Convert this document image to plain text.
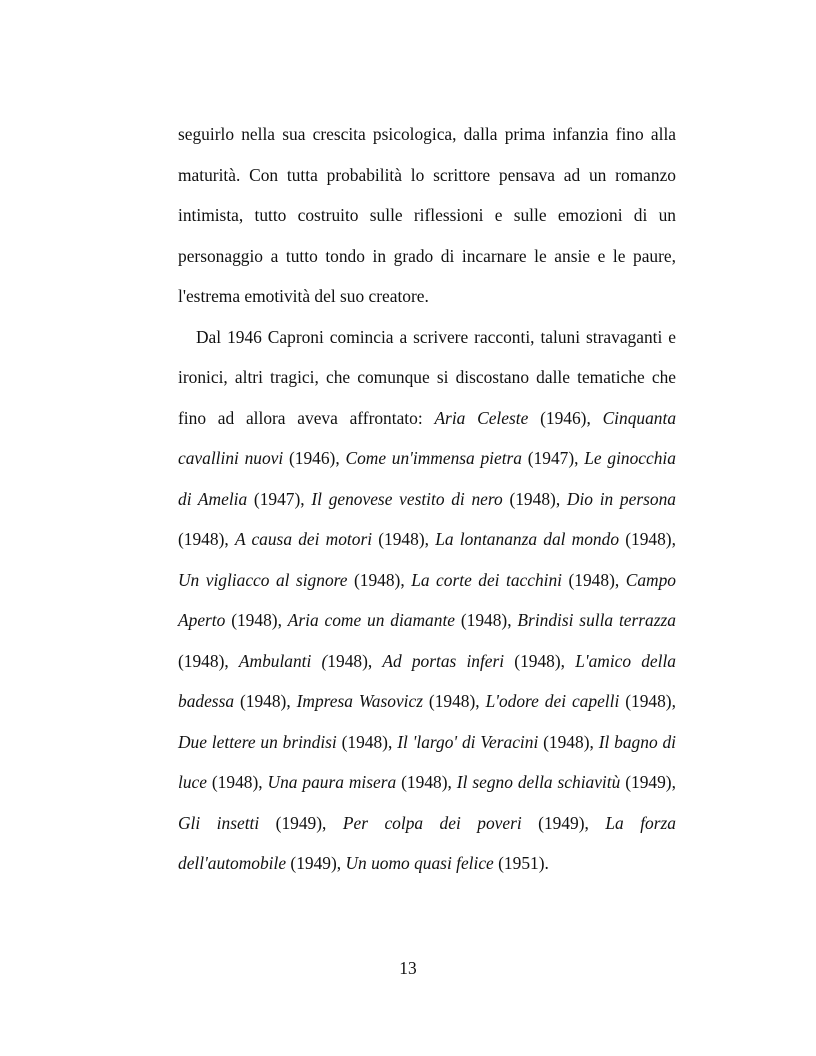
seguirlo nella sua crescita psicologica, dalla prima infanzia fino alla maturità. Con tutta probabilità lo scrittore pensava ad un romanzo intimista, tutto costruito sulle riflessioni e sulle emozioni di un personaggio a tutto tondo in grado di incarnare le ansie e le paure, l'estrema emotività del suo creatore.

Dal 1946 Caproni comincia a scrivere racconti, taluni stravaganti e ironici, altri tragici, che comunque si discostano dalle tematiche che fino ad allora aveva affrontato: Aria Celeste (1946), Cinquanta cavallini nuovi (1946), Come un'immensa pietra (1947), Le ginocchia di Amelia (1947), Il genovese vestito di nero (1948), Dio in persona (1948), A causa dei motori (1948), La lontananza dal mondo (1948), Un vigliacco al signore (1948), La corte dei tacchini (1948), Campo Aperto (1948), Aria come un diamante (1948), Brindisi sulla terrazza (1948), Ambulanti (1948), Ad portas inferi (1948), L'amico della badessa (1948), Impresa Wasovicz (1948), L'odore dei capelli (1948), Due lettere un brindisi (1948), Il 'largo' di Veracini (1948), Il bagno di luce (1948), Una paura misera (1948), Il segno della schiavitù (1949), Gli insetti (1949), Per colpa dei poveri (1949), La forza dell'automobile (1949), Un uomo quasi felice (1951).

13
